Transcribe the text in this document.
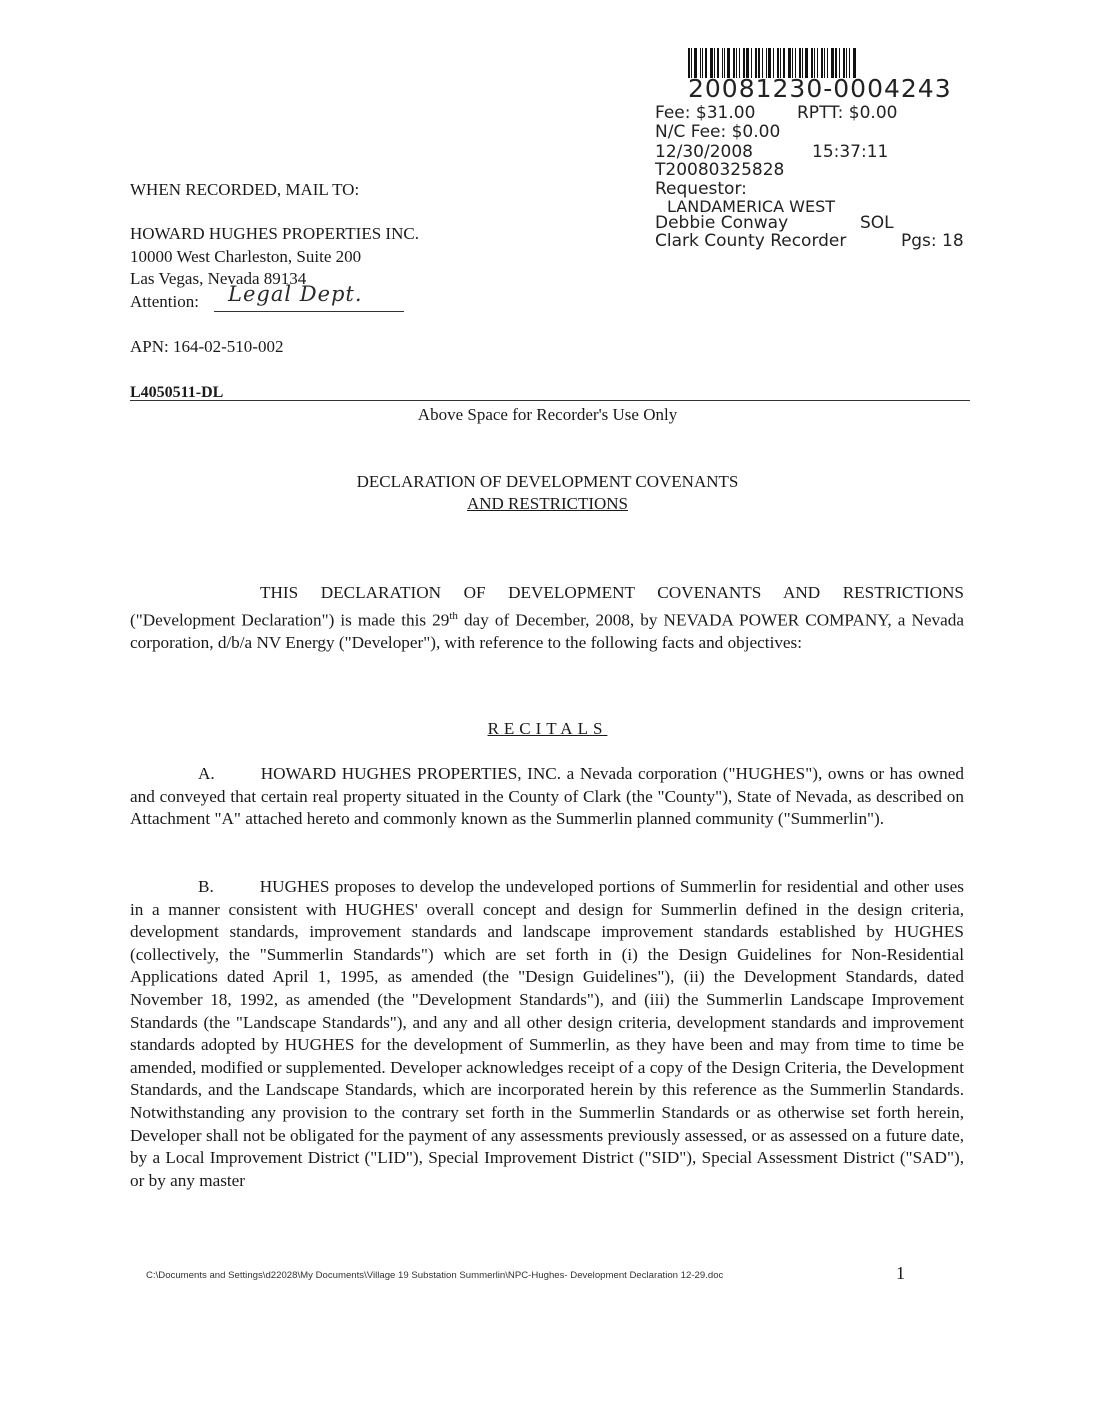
20081230-0004243
Fee: $31.00 RPTT: $0.00
N/C Fee: $0.00
12/30/2008	15:37:11
T20080325828
Requestor:
LANDAMERICA WEST
Debbie Conway	SOL
Clark County Recorder	Pgs: 18
WHEN RECORDED, MAIL TO:
HOWARD HUGHES PROPERTIES INC.
10000 West Charleston, Suite 200
Las Vegas, Nevada 89134
Attention: Legal Dept.
APN: 164-02-510-002
L4050511-DL
Above Space for Recorder's Use Only
DECLARATION OF DEVELOPMENT COVENANTS
AND RESTRICTIONS
THIS DECLARATION OF DEVELOPMENT COVENANTS AND RESTRICTIONS ("Development Declaration") is made this 29th day of December, 2008, by NEVADA POWER COMPANY, a Nevada corporation, d/b/a NV Energy ("Developer"), with reference to the following facts and objectives:
RECITALS
A.	HOWARD HUGHES PROPERTIES, INC. a Nevada corporation ("HUGHES"), owns or has owned and conveyed that certain real property situated in the County of Clark (the "County"), State of Nevada, as described on Attachment "A" attached hereto and commonly known as the Summerlin planned community ("Summerlin").
B.	HUGHES proposes to develop the undeveloped portions of Summerlin for residential and other uses in a manner consistent with HUGHES' overall concept and design for Summerlin defined in the design criteria, development standards, improvement standards and landscape improvement standards established by HUGHES (collectively, the "Summerlin Standards") which are set forth in (i) the Design Guidelines for Non-Residential Applications dated April 1, 1995, as amended (the "Design Guidelines"), (ii) the Development Standards, dated November 18, 1992, as amended (the "Development Standards"), and (iii) the Summerlin Landscape Improvement Standards (the "Landscape Standards"), and any and all other design criteria, development standards and improvement standards adopted by HUGHES for the development of Summerlin, as they have been and may from time to time be amended, modified or supplemented. Developer acknowledges receipt of a copy of the Design Criteria, the Development Standards, and the Landscape Standards, which are incorporated herein by this reference as the Summerlin Standards. Notwithstanding any provision to the contrary set forth in the Summerlin Standards or as otherwise set forth herein, Developer shall not be obligated for the payment of any assessments previously assessed, or as assessed on a future date, by a Local Improvement District ("LID"), Special Improvement District ("SID"), Special Assessment District ("SAD"), or by any master
C:\Documents and Settings\d22028\My Documents\Village 19 Substation Summerlin\NPC-Hughes- Development Declaration 12-29.doc	1
